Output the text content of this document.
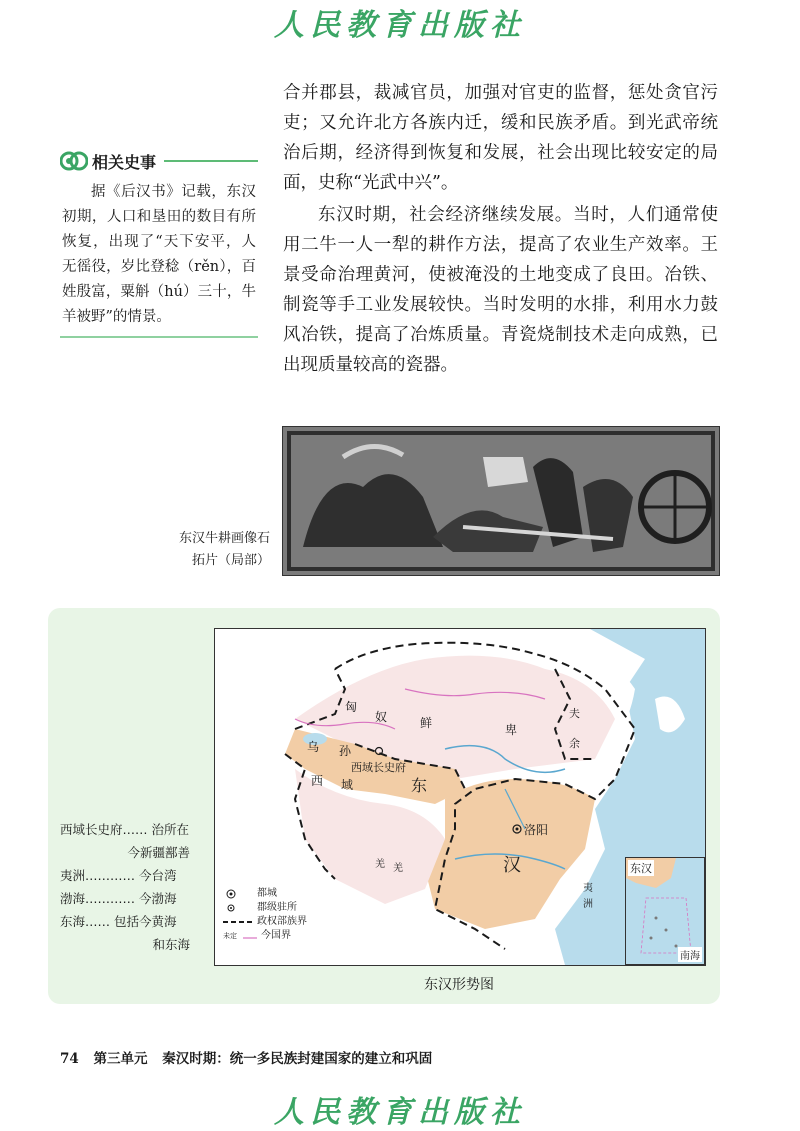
人民教育出版社
相关史事
据《后汉书》记载，东汉初期，人口和垦田的数目有所恢复，出现了“天下安平，人无徭役，岁比登稔（rěn），百姓殷富，粟斛（hú）三十，牛羊被野”的情景。

合并郡县，裁减官员，加强对官吏的监督，惩处贪官污吏；又允许北方各族内迁，缓和民族矛盾。到光武帝统治后期，经济得到恢复和发展，社会出现比较安定的局面，史称“光武中兴”。

东汉时期，社会经济继续发展。当时，人们通常使用二牛一人一犁的耕作方法，提高了农业生产效率。王景受命治理黄河，使被淹没的土地变成了良田。冶铁、制瓷等手工业发展较快。当时发明的水排，利用水力鼓风冶铁，提高了冶炼质量。青瓷烧制技术走向成熟，已出现质量较高的瓷器。

东汉牛耕画像石
拓片（局部）
西域长史府…… 治所在
今新疆鄯善
夷洲………… 今台湾
渤海………… 今渤海
东海…… 包括今黄海
和东海
匈
奴	鲜	卑
夫
余
乌 孙
西域长史府
西 域	东
洛阳
汉
羌 羌
夷
洲
都城
郡级驻所
政权部族界
未定	今国界
东汉
南海
东汉形势图
74 第三单元 秦汉时期：统一多民族封建国家的建立和巩固
人民教育出版社
